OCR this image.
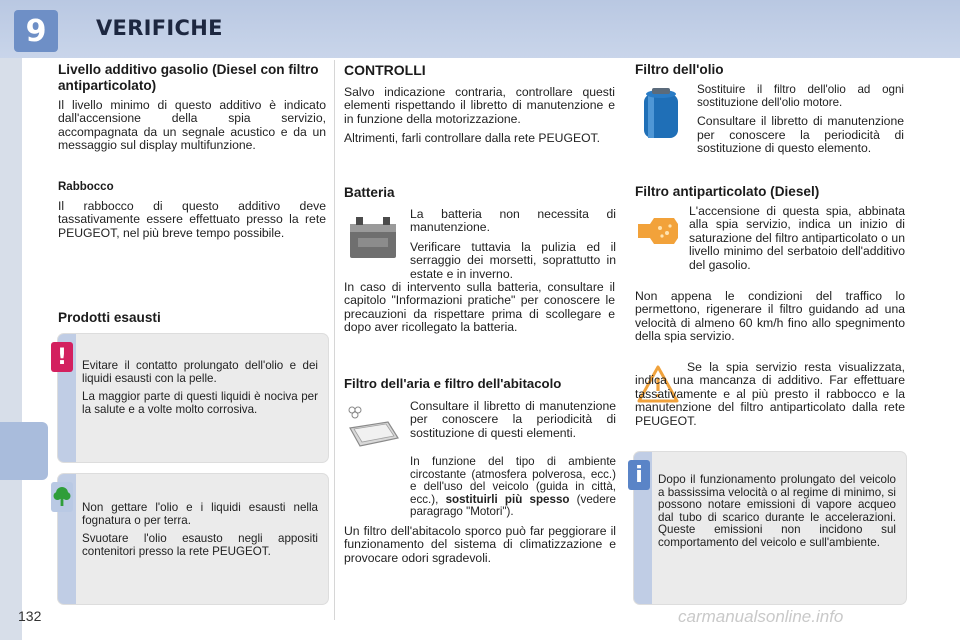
9	VERIFICHE
Livello additivo gasolio (Diesel con filtro antiparticolato)

Il livello minimo di questo additivo è indicato dall'accensione della spia servizio, accompagnata da un segnale acustico e da un messaggio sul display multifunzione.

Rabbocco

Il rabbocco di questo additivo deve tassativamente essere effettuato presso la rete PEUGEOT, nel più breve tempo possibile.

Prodotti esausti

Evitare il contatto prolungato dell'olio e dei liquidi esausti con la pelle.

La maggior parte di questi liquidi è nociva per la salute e a volte molto corrosiva.

!

Non gettare l'olio e i liquidi esausti nella fognatura o per terra.

Svuotare l'olio esausto negli appositi contenitori presso la rete PEUGEOT.

CONTROLLI

Salvo indicazione contraria, controllare questi elementi rispettando il libretto di manutenzione e in funzione della motorizzazione.

Altrimenti, farli controllare dalla rete PEUGEOT.

Batteria

La batteria non necessita di manutenzione.

Verificare tuttavia la pulizia ed il serraggio dei morsetti, soprattutto in estate e in inverno.

In caso di intervento sulla batteria, consultare il capitolo "Informazioni pratiche" per conoscere le precauzioni da rispettare prima di scollegare e dopo aver ricollegato la batteria.

Filtro dell'aria e filtro dell'abitacolo

Consultare il libretto di manutenzione per conoscere la periodicità di sostituzione di questi elementi.

In funzione del tipo di ambiente circostante (atmosfera polverosa, ecc.) e dell'uso del veicolo (guida in città, ecc.), sostituirli più spesso (vedere paragrago "Motori").

Un filtro dell'abitacolo sporco può far peggiorare il funzionamento del sistema di climatizzazione e provocare odori sgradevoli.

Filtro dell'olio

Sostituire il filtro dell'olio ad ogni sostituzione dell'olio motore.

Consultare il libretto di manutenzione per conoscere la periodicità di sostituzione di questo elemento.

Filtro antiparticolato (Diesel)

L'accensione di questa spia, abbinata alla spia servizio, indica un inizio di saturazione del filtro antiparticolato o un livello minimo del serbatoio dell'additivo del gasolio.

Non appena le condizioni del traffico lo permettono, rigenerare il filtro guidando ad una velocità di almeno 60 km/h fino allo spegnimento della spia servizio.

Se la spia servizio resta visualizzata, indica una mancanza di additivo. Far effettuare tassativamente e al più presto il rabbocco e la manutenzione del filtro antiparticolato dalla rete PEUGEOT.

Dopo il funzionamento prolungato del veicolo a bassissima velocità o al regime di minimo, si possono notare emissioni di vapore acqueo dal tubo di scarico durante le accelerazioni. Queste emissioni non incidono sul comportamento del veicolo e sull'ambiente.

i
132	carmanualsonline.info
